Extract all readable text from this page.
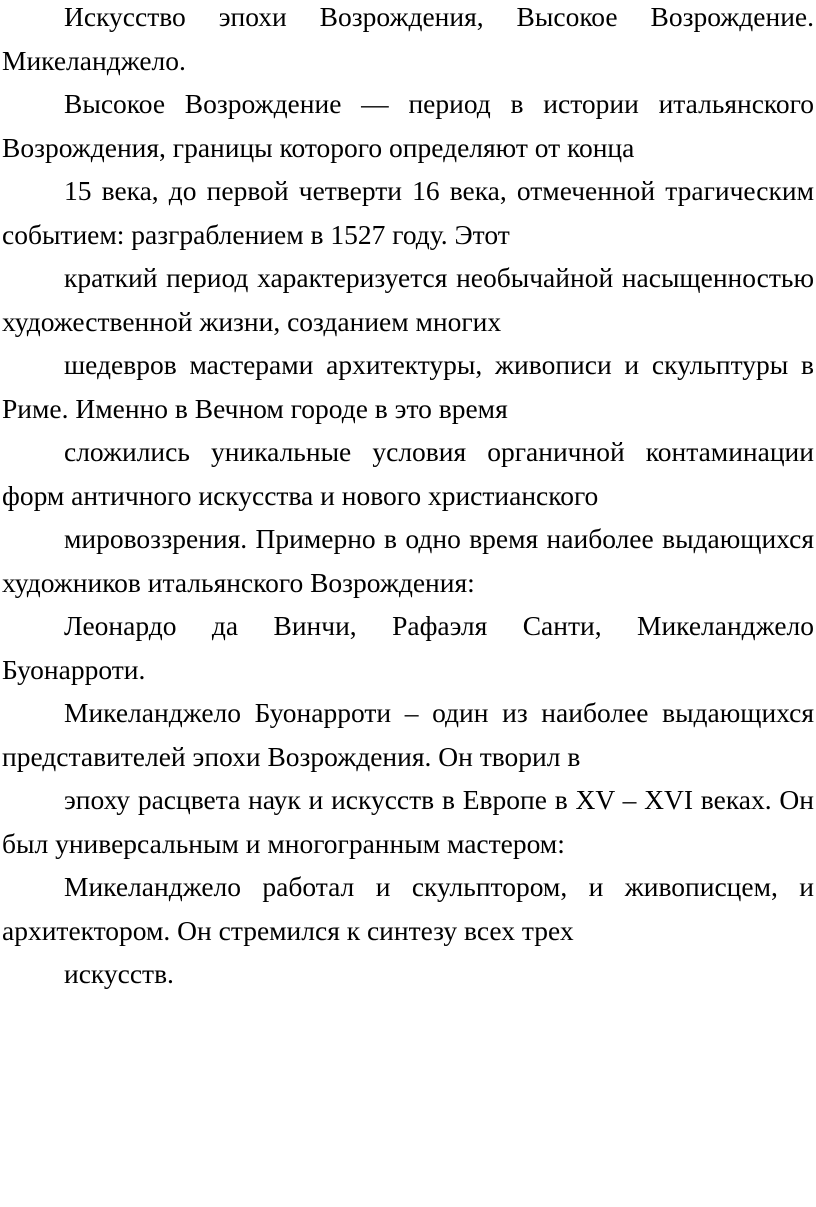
Искусство эпохи Возрождения, Высокое Возрождение. Микеланджело.

Высокое Возрождение — период в истории итальянского Возрождения, границы которого определяют от конца

15 века, до первой четверти 16 века, отмеченной трагическим событием: разграблением в 1527 году. Этот

краткий период характеризуется необычайной насыщенностью художественной жизни, созданием многих

шедевров мастерами архитектуры, живописи и скульптуры в Риме. Именно в Вечном городе в это время

сложились уникальные условия органичной контаминации форм античного искусства и нового христианского

мировоззрения. Примерно в одно время наиболее выдающихся художников итальянского Возрождения:

Леонардо да Винчи, Рафаэля Санти, Микеланджело Буонарроти.

Микеланджело Буонарроти – один из наиболее выдающихся представителей эпохи Возрождения. Он творил в

эпоху расцвета наук и искусств в Европе в XV – XVI веках. Он был универсальным и многогранным мастером:

Микеланджело работал и скульптором, и живописцем, и архитектором. Он стремился к синтезу всех трех

искусств.
